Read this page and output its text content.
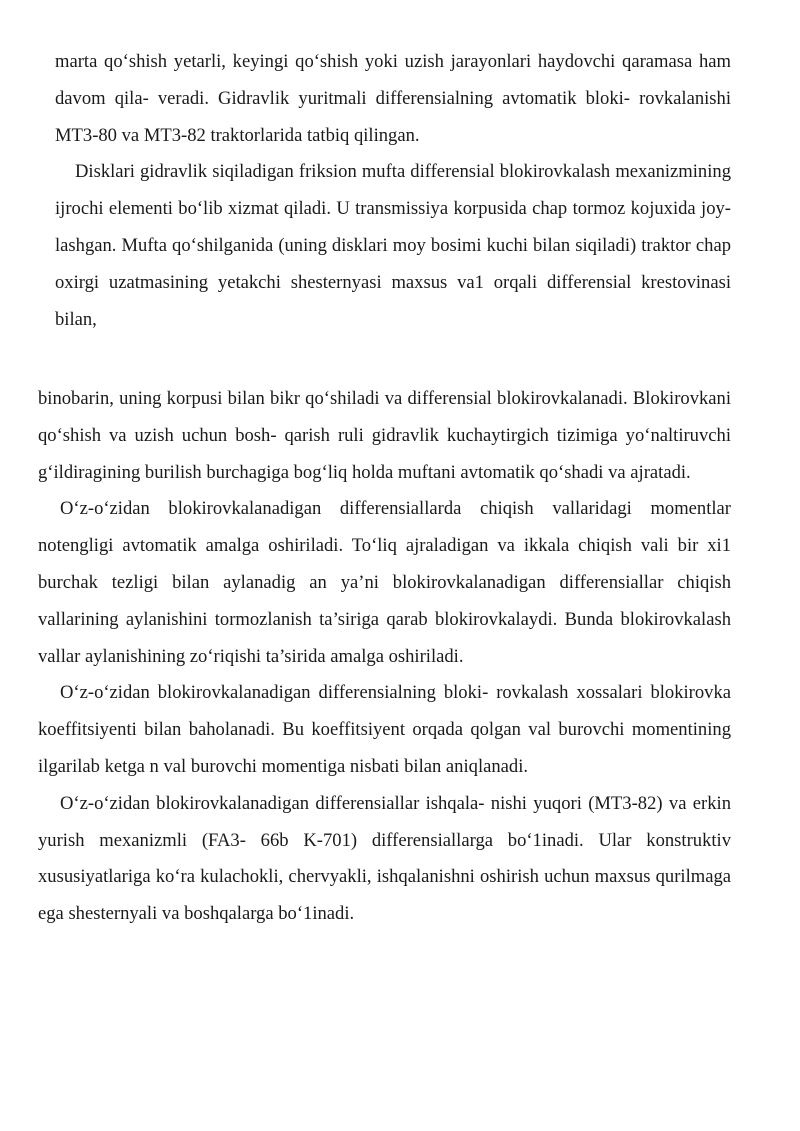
marta qo‘shish yetarli, keyingi qo‘shish yoki uzish jarayonlari haydovchi qaramasa ham davom qila- veradi. Gidravlik yuritmali differensialning avtomatik bloki- rovkalanishi MT3-80 va MT3-82 traktorlarida tatbiq qilingan.

Disklari gidravlik siqiladigan friksion mufta differensial blokirovkalash mexanizmining ijrochi elementi bo‘lib xizmat qiladi. U transmissiya korpusida chap tormoz kojuxida joy- lashgan. Mufta qo‘shilganida (uning disklari moy bosimi kuchi bilan siqiladi) traktor chap oxirgi uzatmasining yetakchi shesternyasi maxsus va1 orqali differensial krestovinasi bilan,

binobarin, uning korpusi bilan bikr qo‘shiladi va differensial blokirovkalanadi. Blokirovkani qo‘shish va uzish uchun bosh- qarish ruli gidravlik kuchaytirgich tizimiga yo‘naltiruvchi g‘ildiragining burilish burchagiga bog‘liq holda muftani avtomatik qo‘shadi va ajratadi.

O‘z-o‘zidan blokirovkalanadigan differensiallarda chiqish vallaridagi momentlar notengligi avtomatik amalga oshiriladi. To‘liq ajraladigan va ikkala chiqish vali bir xi1 burchak tezligi bilan aylanadig an ya’ni blokirovkalanadigan differensiallar chiqish vallarining aylanishini tormozlanish ta’siriga qarab blokirovkalaydi. Bunda blokirovkalash vallar aylanishining zo‘riqishi ta’sirida amalga oshiriladi.

O‘z-o‘zidan blokirovkalanadigan differensialning bloki- rovkalash xossalari blokirovka koeffitsiyenti bilan baholanadi. Bu koeffitsiyent orqada qolgan val burovchi momentining ilgarilab ketga n val burovchi momentiga nisbati bilan aniqlanadi.

O‘z-o‘zidan blokirovkalanadigan differensiallar ishqala- nishi yuqori (MT3-82) va erkin yurish mexanizmli (FA3- 66b K-701) differensiallarga bo‘1inadi. Ular konstruktiv xususiyatlariga ko‘ra kulachokli, chervyakli, ishqalanishni oshirish uchun maxsus qurilmaga ega shesternyali va boshqalarga bo‘1inadi.
